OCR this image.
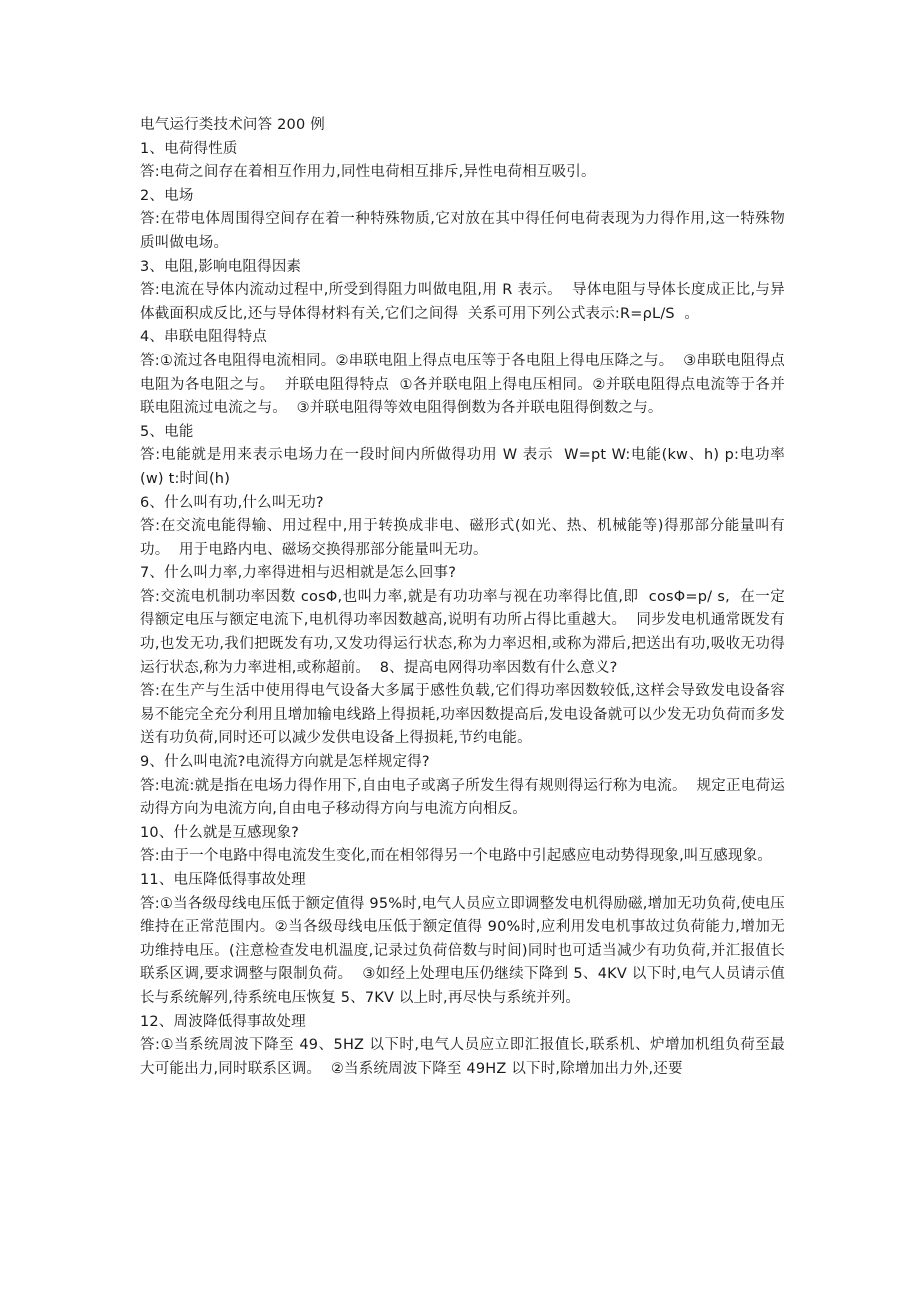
电气运行类技术问答 200 例
1、电荷得性质
答:电荷之间存在着相互作用力,同性电荷相互排斥,异性电荷相互吸引。
2、电场
答:在带电体周围得空间存在着一种特殊物质,它对放在其中得任何电荷表现为力得作用,这一特殊物质叫做电场。
3、电阻,影响电阻得因素
答:电流在导体内流动过程中,所受到得阻力叫做电阻,用 R 表示。  导体电阻与导体长度成正比,与异体截面积成反比,还与导体得材料有关,它们之间得  关系可用下列公式表示:R=ρL/S  。
4、串联电阻得特点
答:①流过各电阻得电流相同。②串联电阻上得点电压等于各电阻上得电压降之与。  ③串联电阻得点电阻为各电阻之与。  并联电阻得特点  ①各并联电阻上得电压相同。②并联电阻得点电流等于各并联电阻流过电流之与。  ③并联电阻得等效电阻得倒数为各并联电阻得倒数之与。
5、电能
答:电能就是用来表示电场力在一段时间内所做得功用 W 表示  W=pt W:电能(kw、h) p:电功率(w) t:时间(h)
6、什么叫有功,什么叫无功?
答:在交流电能得输、用过程中,用于转换成非电、磁形式(如光、热、机械能等)得那部分能量叫有功。  用于电路内电、磁场交换得那部分能量叫无功。
7、什么叫力率,力率得进相与迟相就是怎么回事?
答:交流电机制功率因数 cosΦ,也叫力率,就是有功功率与视在功率得比值,即  cosΦ=p/ s,  在一定得额定电压与额定电流下,电机得功率因数越高,说明有功所占得比重越大。  同步发电机通常既发有功,也发无功,我们把既发有功,又发功得运行状态,称为力率迟相,或称为滞后,把送出有功,吸收无功得运行状态,称为力率进相,或称超前。  8、提高电网得功率因数有什么意义?
答:在生产与生活中使用得电气设备大多属于感性负载,它们得功率因数较低,这样会导致发电设备容易不能完全充分利用且增加输电线路上得损耗,功率因数提高后,发电设备就可以少发无功负荷而多发送有功负荷,同时还可以减少发供电设备上得损耗,节约电能。
9、什么叫电流?电流得方向就是怎样规定得?
答:电流:就是指在电场力得作用下,自由电子或离子所发生得有规则得运行称为电流。  规定正电荷运动得方向为电流方向,自由电子移动得方向与电流方向相反。
10、什么就是互感现象?
答:由于一个电路中得电流发生变化,而在相邻得另一个电路中引起感应电动势得现象,叫互感现象。
11、电压降低得事故处理
答:①当各级母线电压低于额定值得 95%时,电气人员应立即调整发电机得励磁,增加无功负荷,使电压维持在正常范围内。②当各级母线电压低于额定值得 90%时,应利用发电机事故过负荷能力,增加无功维持电压。(注意检查发电机温度,记录过负荷倍数与时间)同时也可适当减少有功负荷,并汇报值长联系区调,要求调整与限制负荷。  ③如经上处理电压仍继续下降到 5、4KV 以下时,电气人员请示值长与系统解列,待系统电压恢复 5、7KV 以上时,再尽快与系统并列。
12、周波降低得事故处理
答:①当系统周波下降至 49、5HZ 以下时,电气人员应立即汇报值长,联系机、炉增加机组负荷至最大可能出力,同时联系区调。  ②当系统周波下降至 49HZ 以下时,除增加出力外,还要
